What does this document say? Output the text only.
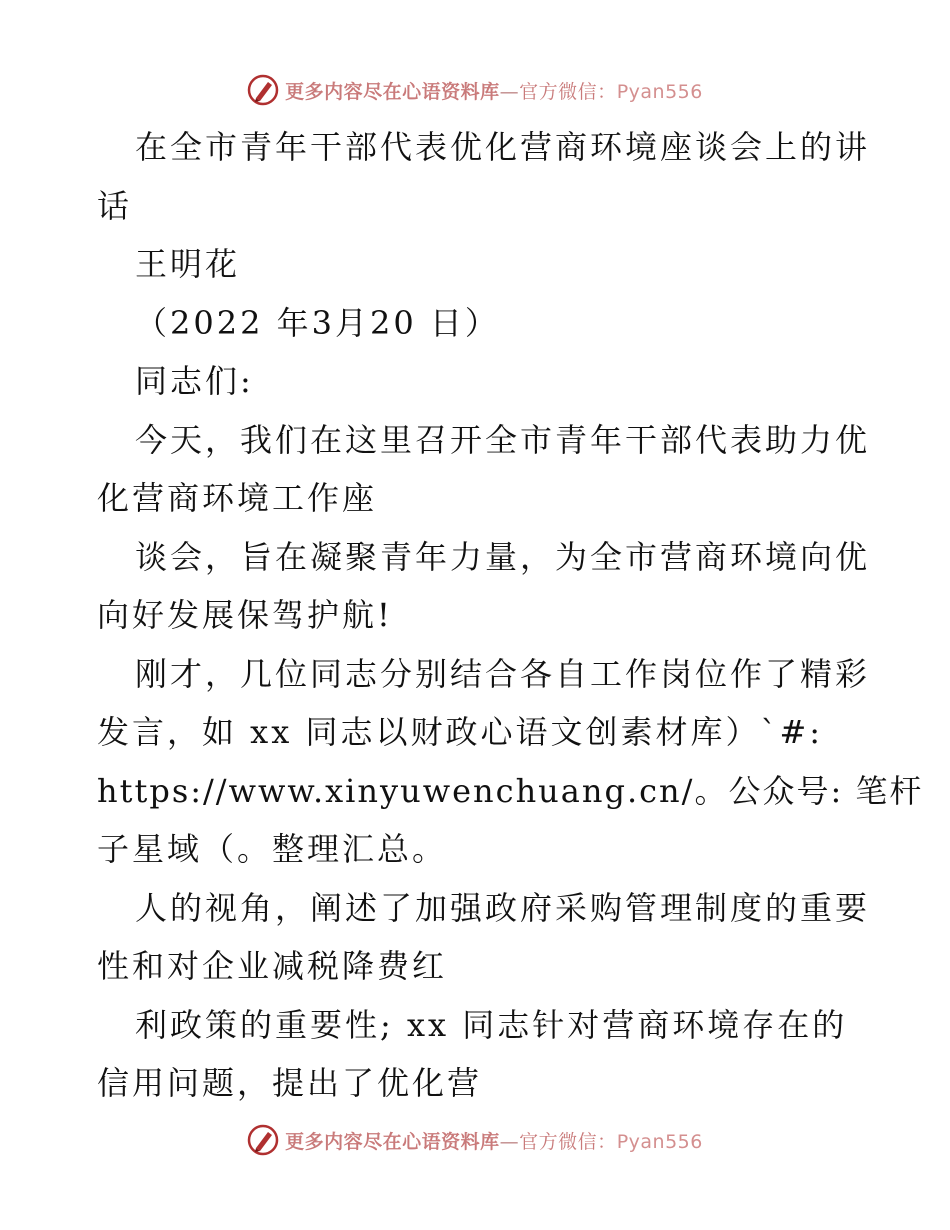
更多内容尽在心语资料库—官方微信：Pyan556
在全市青年干部代表优化营商环境座谈会上的讲
话
王明花
（2022 年3月20 日）
同志们:
今天，我们在这里召开全市青年干部代表助力优
化营商环境工作座
谈会，旨在凝聚青年力量，为全市营商环境向优
向好发展保驾护航!
刚才，几位同志分别结合各自工作岗位作了精彩
发言，如 xx 同志以财政心语文创素材库）`#:
https://www.xinyuwenchuang.cn/。公众号: 笔杆
子星域（。整理汇总。
人的视角，阐述了加强政府采购管理制度的重要
性和对企业减税降费红
利政策的重要性; xx 同志针对营商环境存在的
信用问题，提出了优化营
更多内容尽在心语资料库—官方微信：Pyan556
